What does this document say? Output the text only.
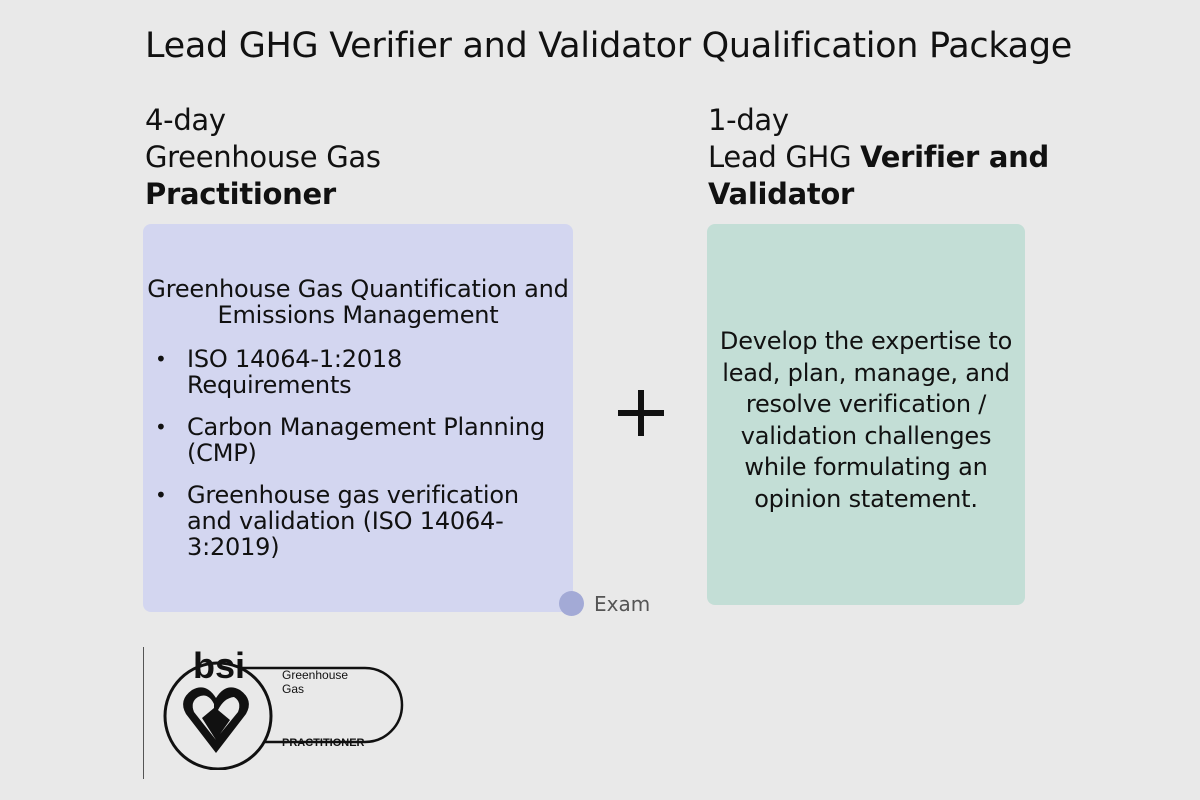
Lead GHG Verifier and Validator Qualification Package
4-day
Greenhouse Gas
Practitioner
1-day
Lead GHG Verifier and
Validator
Greenhouse Gas Quantification and Emissions Management
• ISO 14064-1:2018 Requirements
• Carbon Management Planning (CMP)
• Greenhouse gas verification and validation (ISO 14064-3:2019)
Develop the expertise to lead, plan, manage, and resolve verification / validation challenges while formulating an opinion statement.
Exam
bsi	Greenhouse
Gas
PRACTITIONER
